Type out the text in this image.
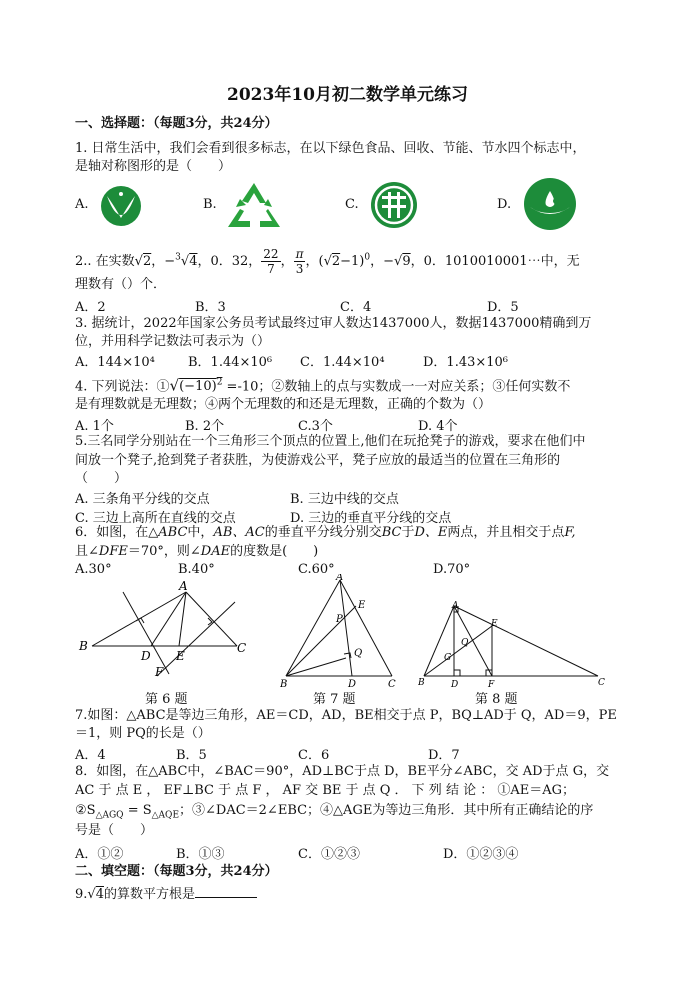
2023年10月初二数学单元练习
一、选择题：（每题3分，共24分）
1. 日常生活中，我们会看到很多标志，在以下绿色食品、回收、节能、节水四个标志中，
是轴对称图形的是（　　）
A.	B.	C.	D.
2.. 在实数√2，−$^3$√4，0．32， $\frac{22}{7}$ ， $\frac{\pi}{3}$ ，$(√2-1)^0$，−√9，0．1010010001⋯中，无
理数有（）个．
A．2	B．3	C．4	D．5
3. 据统计，2022年国家公务员考试最终过审人数达1437000人，数据1437000精确到万
位，并用科学记数法可表示为（）
A．144×10⁴	B．1.44×10⁶ C．1.44×10⁴	D．1.43×10⁶
4. 下列说法：$①√(-10)^2 =-10$；②数轴上的点与实数成一一对应关系；③任何实数不
是有理数就是无理数；④两个无理数的和还是无理数，正确的个数为（）
A. 1个	B. 2个	C.3个	D. 4个
5.三名同学分别站在一个三角形三个顶点的位置上,他们在玩抢凳子的游戏，要求在他们中
间放一个凳子,抢到凳子者获胜，为使游戏公平，凳子应放的最适当的位置在三角形的
（　　）
A. 三条角平分线的交点	B. 三边中线的交点
C. 三边上高所在直线的交点	D. 三边的垂直平分线的交点
6．如图，在△ABC中，AB、AC的垂直平分线分别交BC于D、E两点，并且相交于点F,
且∠DFE＝70°，则∠DAE的度数是(　　)
A.30°	B.40°	C.60°	D.70°
A
B	C
D E
F
第 6 题
A
B	C
D
E
P
Q
第 7 题
A
B	C
D
E
F
G
Q
第 8 题
7.如图：△ABC是等边三角形，AE＝CD，AD，BE相交于点 P，BQ⊥AD于 Q，AD＝9，PE
＝1，则 PQ的长是（）
A．4	B．5	C．6	D．7
8．如图，在△ABC中，∠BAC＝90°，AD⊥BC于点 D，BE平分∠ABC，交 AD于点 G，交
AC 于 点 E ， EF⊥BC 于 点 F ， AF 交 BE 于 点 Q ． 下 列 结 论 ： ①AE＝AG；
$②S_{\triangle AGQ} = S_{\triangle AQE}$；③∠DAC＝2∠EBC；④△AGE为等边三角形．其中所有正确结论的序
号是（　　）
A．①②	B．①③	C．①②③	D．①②③④
二、填空题：（每题3分，共24分）
9.√4的算数平方根是
